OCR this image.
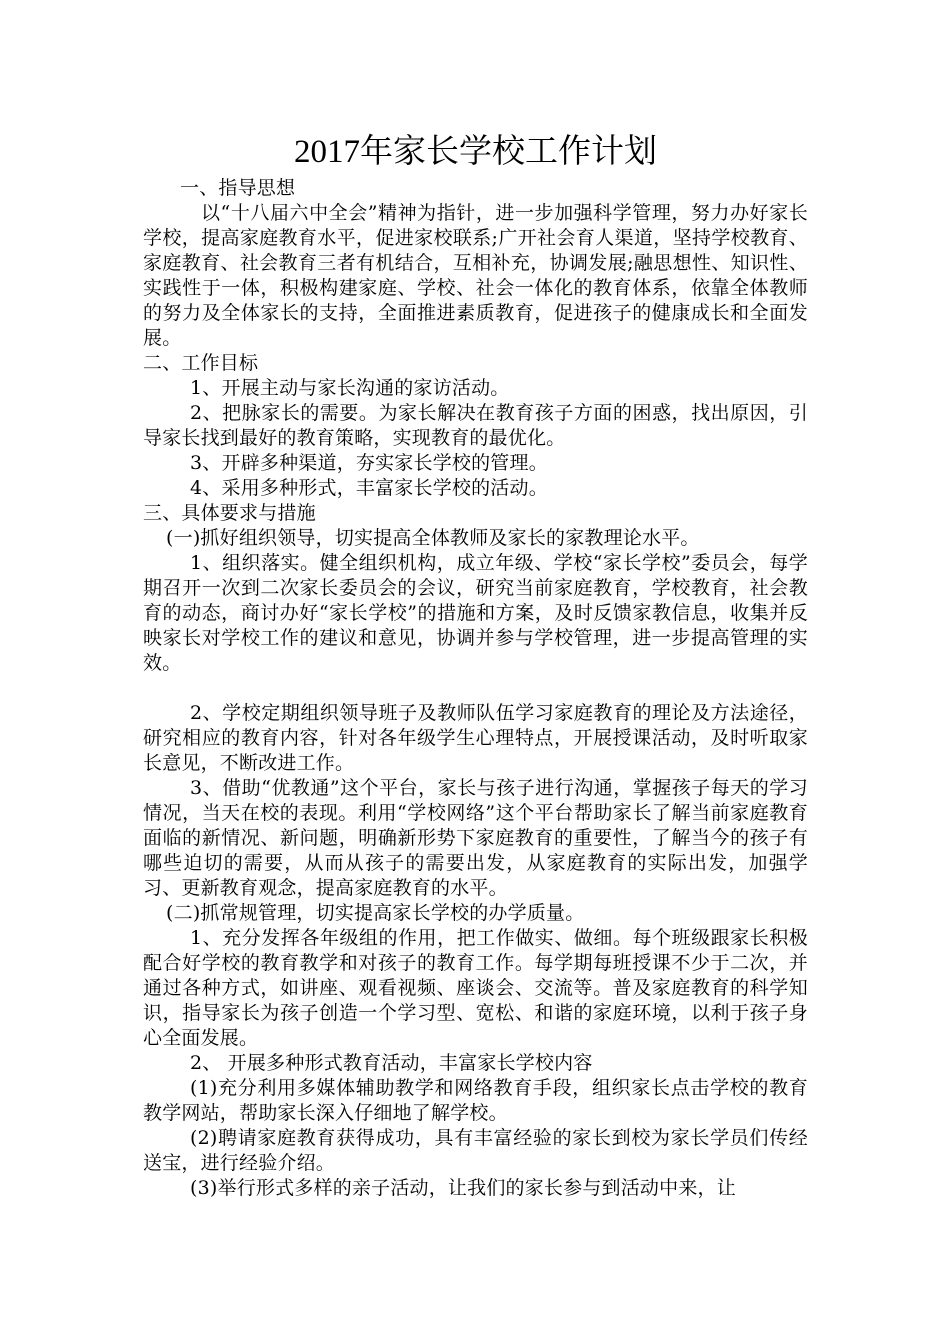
2017年家长学校工作计划

一、指导思想

以“十八届六中全会”精神为指针，进一步加强科学管理，努力办好家长学校，提高家庭教育水平，促进家校联系;广开社会育人渠道，坚持学校教育、家庭教育、社会教育三者有机结合，互相补充，协调发展;融思想性、知识性、实践性于一体，积极构建家庭、学校、社会一体化的教育体系，依靠全体教师的努力及全体家长的支持，全面推进素质教育，促进孩子的健康成长和全面发展。

二、工作目标

1、开展主动与家长沟通的家访活动。

2、把脉家长的需要。为家长解决在教育孩子方面的困惑，找出原因，引导家长找到最好的教育策略，实现教育的最优化。

3、开辟多种渠道，夯实家长学校的管理。

4、采用多种形式，丰富家长学校的活动。

三、具体要求与措施

(一)抓好组织领导，切实提高全体教师及家长的家教理论水平。

1、组织落实。健全组织机构，成立年级、学校“家长学校”委员会，每学期召开一次到二次家长委员会的会议，研究当前家庭教育，学校教育，社会教育的动态，商讨办好“家长学校”的措施和方案，及时反馈家教信息，收集并反映家长对学校工作的建议和意见，协调并参与学校管理，进一步提高管理的实效。

2、学校定期组织领导班子及教师队伍学习家庭教育的理论及方法途径，研究相应的教育内容，针对各年级学生心理特点，开展授课活动，及时听取家长意见，不断改进工作。

3、借助“优教通”这个平台，家长与孩子进行沟通，掌握孩子每天的学习情况，当天在校的表现。利用“学校网络”这个平台帮助家长了解当前家庭教育面临的新情况、新问题，明确新形势下家庭教育的重要性，了解当今的孩子有哪些迫切的需要，从而从孩子的需要出发，从家庭教育的实际出发，加强学习、更新教育观念，提高家庭教育的水平。

(二)抓常规管理，切实提高家长学校的办学质量。

1、充分发挥各年级组的作用，把工作做实、做细。每个班级跟家长积极配合好学校的教育教学和对孩子的教育工作。每学期每班授课不少于二次，并通过各种方式，如讲座、观看视频、座谈会、交流等。普及家庭教育的科学知识，指导家长为孩子创造一个学习型、宽松、和谐的家庭环境，以利于孩子身心全面发展。

2、 开展多种形式教育活动，丰富家长学校内容

(1)充分利用多媒体辅助教学和网络教育手段，组织家长点击学校的教育教学网站，帮助家长深入仔细地了解学校。

(2)聘请家庭教育获得成功，具有丰富经验的家长到校为家长学员们传经送宝，进行经验介绍。

(3)举行形式多样的亲子活动，让我们的家长参与到活动中来，让
